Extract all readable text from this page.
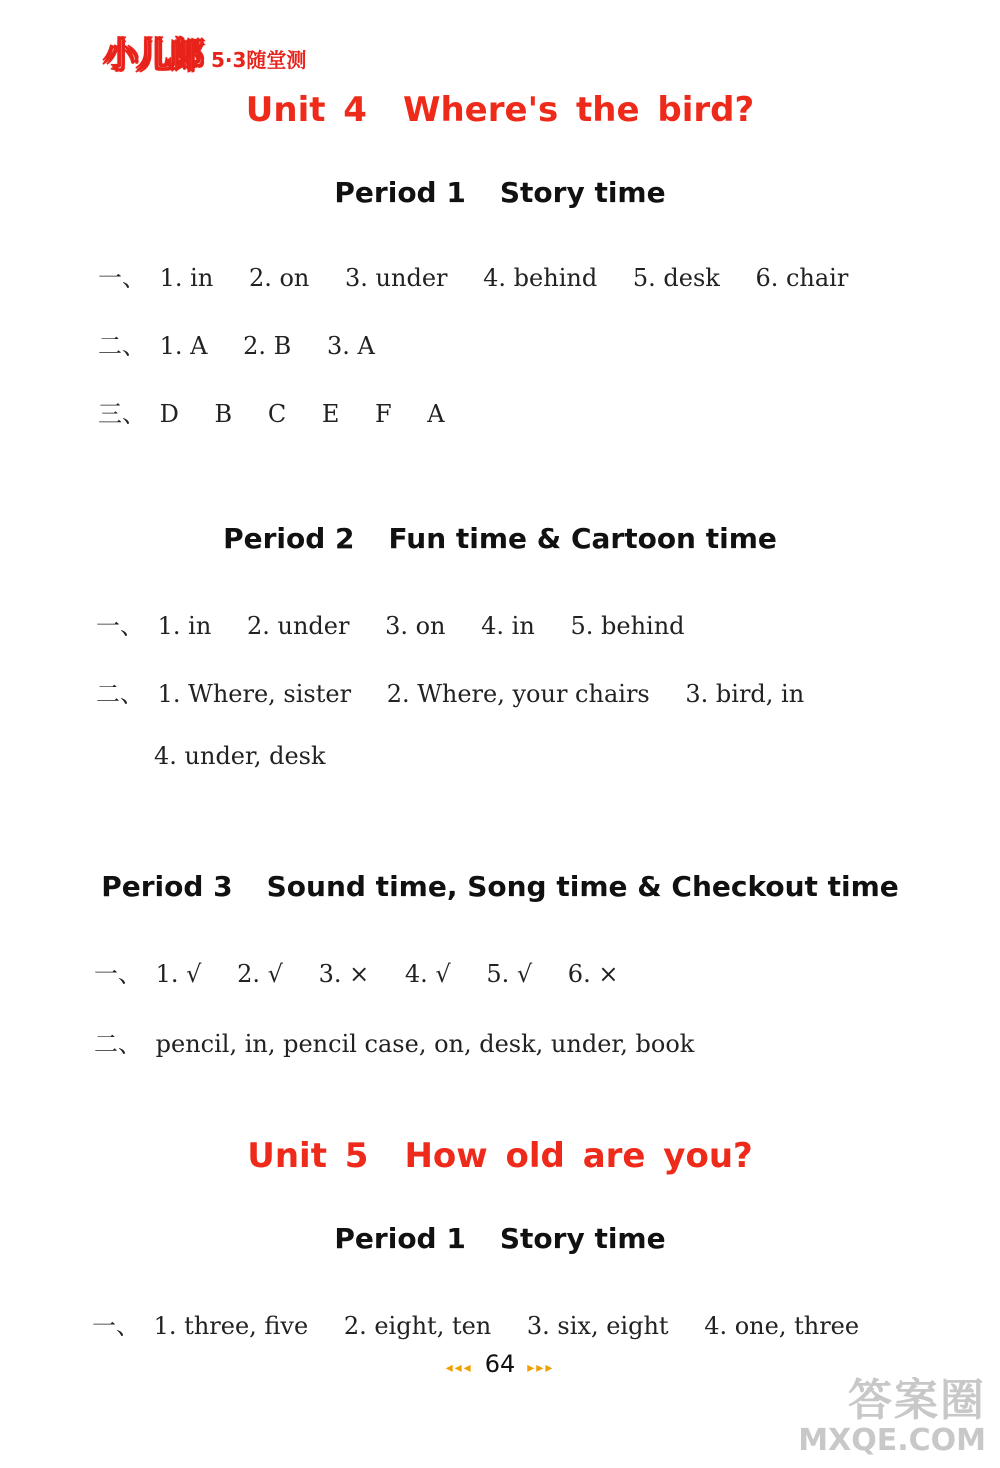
小儿郎 5·3随堂测
Unit 4 Where's the bird?
Period 1 Story time
一、 1. in 2. on 3. under 4. behind 5. desk 6. chair
二、 1. A 2. B 3. A
三、 D B C E F A
Period 2 Fun time & Cartoon time
一、 1. in 2. under 3. on 4. in 5. behind
二、 1. Where, sister 2. Where, your chairs 3. bird, in
4. under, desk
Period 3 Sound time, Song time & Checkout time
一、 1. √ 2. √ 3. × 4. √ 5. √ 6. ×
二、 pencil, in, pencil case, on, desk, under, book
Unit 5 How old are you?
Period 1 Story time
一、 1. three, five 2. eight, ten 3. six, eight 4. one, three
◂◂◂ 64 ▸▸▸
答案圈
MXQE.COM
